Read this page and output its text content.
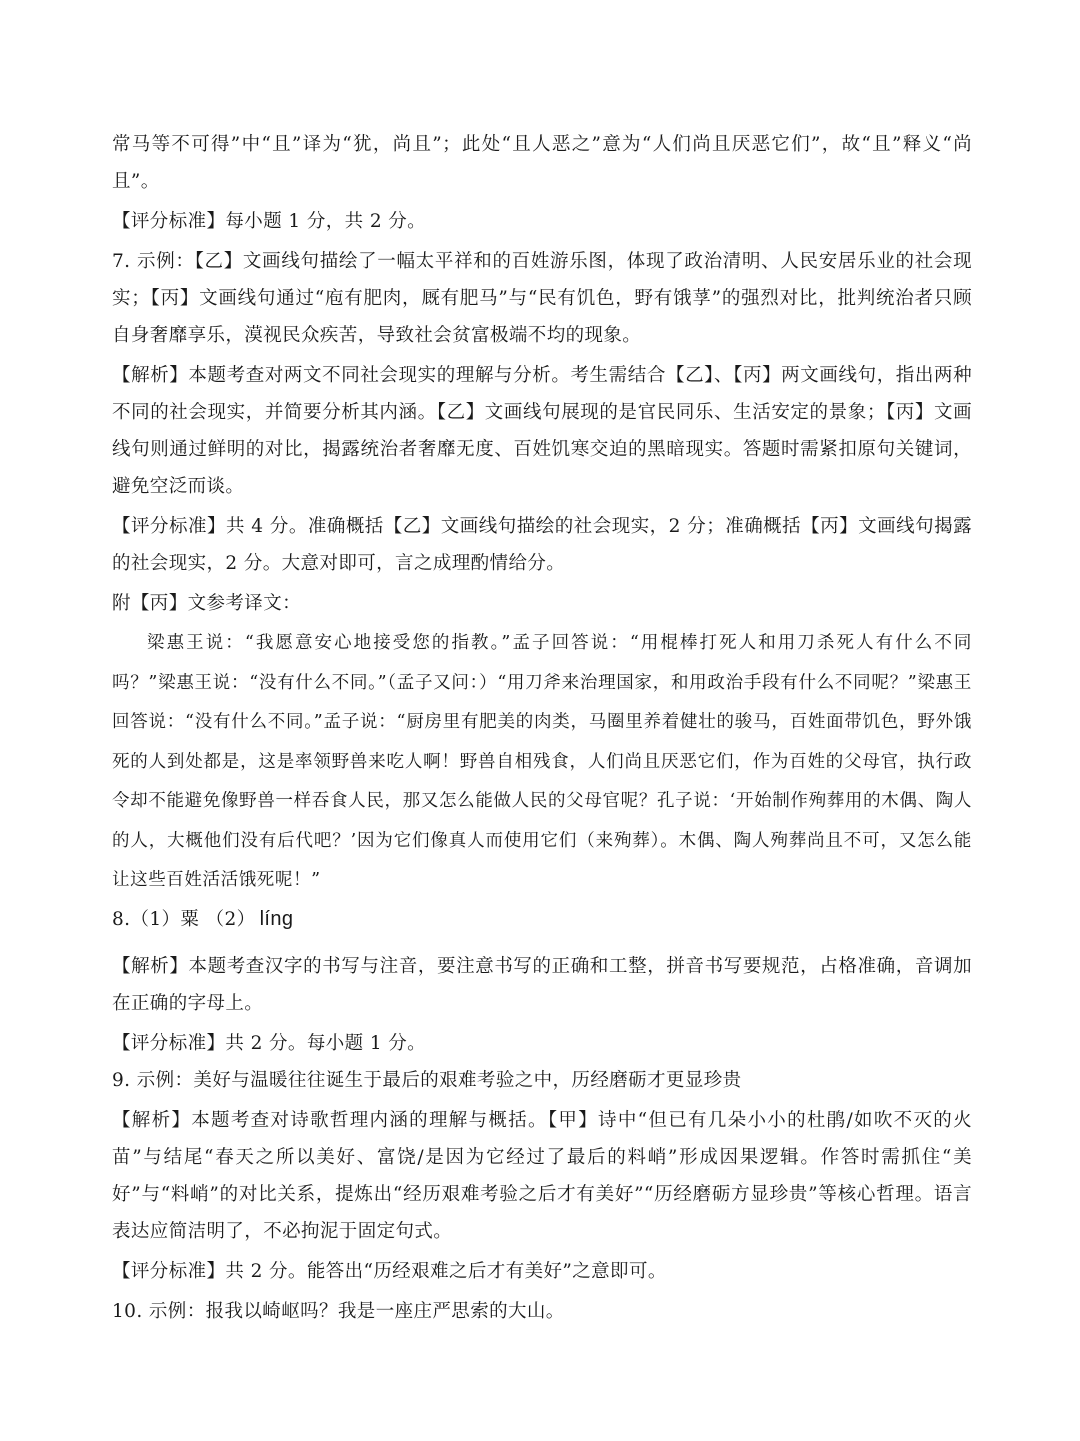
常马等不可得”中“且”译为“犹，尚且”；此处“且人恶之”意为“人们尚且厌恶它们”，故“且”释义“尚且”。

【评分标准】每小题 1 分，共 2 分。

7. 示例：【乙】文画线句描绘了一幅太平祥和的百姓游乐图，体现了政治清明、人民安居乐业的社会现实；【丙】文画线句通过“庖有肥肉，厩有肥马”与“民有饥色，野有饿莩”的强烈对比，批判统治者只顾自身奢靡享乐，漠视民众疾苦，导致社会贫富极端不均的现象。

【解析】本题考查对两文不同社会现实的理解与分析。考生需结合【乙】、【丙】两文画线句，指出两种不同的社会现实，并简要分析其内涵。【乙】文画线句展现的是官民同乐、生活安定的景象；【丙】文画线句则通过鲜明的对比，揭露统治者奢靡无度、百姓饥寒交迫的黑暗现实。答题时需紧扣原句关键词，避免空泛而谈。

【评分标准】共 4 分。准确概括【乙】文画线句描绘的社会现实，2 分；准确概括【丙】文画线句揭露的社会现实，2 分。大意对即可，言之成理酌情给分。

附【丙】文参考译文：

梁惠王说：“我愿意安心地接受您的指教。”孟子回答说：“用棍棒打死人和用刀杀死人有什么不同吗？”梁惠王说：“没有什么不同。”（孟子又问：）“用刀斧来治理国家，和用政治手段有什么不同呢？”梁惠王回答说：“没有什么不同。”孟子说：“厨房里有肥美的肉类，马圈里养着健壮的骏马，百姓面带饥色，野外饿死的人到处都是，这是率领野兽来吃人啊！野兽自相残食，人们尚且厌恶它们，作为百姓的父母官，执行政令却不能避免像野兽一样吞食人民，那又怎么能做人民的父母官呢？孔子说：‘开始制作殉葬用的木偶、陶人的人，大概他们没有后代吧？’因为它们像真人而使用它们（来殉葬）。木偶、陶人殉葬尚且不可，又怎么能让这些百姓活活饿死呢！”

8.（1）粟 （2） líng

【解析】本题考查汉字的书写与注音，要注意书写的正确和工整，拼音书写要规范，占格准确，音调加在正确的字母上。

【评分标准】共 2 分。每小题 1 分。

9. 示例：美好与温暖往往诞生于最后的艰难考验之中，历经磨砺才更显珍贵

【解析】本题考查对诗歌哲理内涵的理解与概括。【甲】诗中“但已有几朵小小的杜鹃/如吹不灭的火苗”与结尾“春天之所以美好、富饶/是因为它经过了最后的料峭”形成因果逻辑。作答时需抓住“美好”与“料峭”的对比关系，提炼出“经历艰难考验之后才有美好”“历经磨砺方显珍贵”等核心哲理。语言表达应简洁明了，不必拘泥于固定句式。

【评分标准】共 2 分。能答出“历经艰难之后才有美好”之意即可。

10. 示例：报我以崎岖吗？我是一座庄严思索的大山。
